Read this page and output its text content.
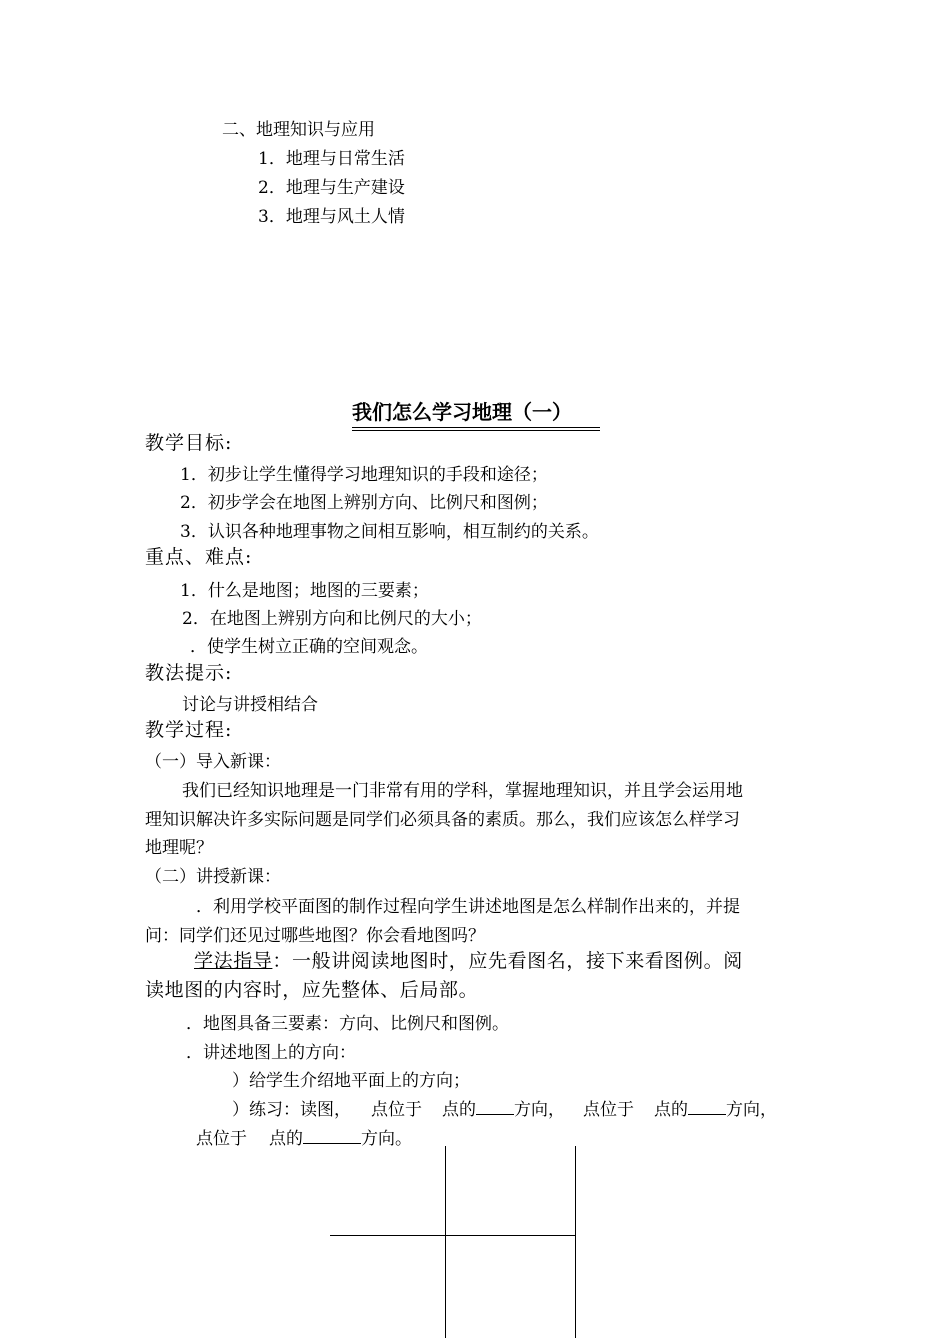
二、地理知识与应用
1．地理与日常生活
2．地理与生产建设
3．地理与风土人情
我们怎么学习地理（一）
教学目标:
1．初步让学生懂得学习地理知识的手段和途径；
2．初步学会在地图上辨别方向、比例尺和图例；
3．认识各种地理事物之间相互影响，相互制约的关系。
重点、难点:
1．什么是地图；地图的三要素；
2．在地图上辨别方向和比例尺的大小；
．使学生树立正确的空间观念。
教法提示:
讨论与讲授相结合
教学过程:
（一）导入新课：
我们已经知识地理是一门非常有用的学科，掌握地理知识，并且学会运用地
理知识解决许多实际问题是同学们必须具备的素质。那么，我们应该怎么样学习
地理呢？
（二）讲授新课：
．利用学校平面图的制作过程向学生讲述地图是怎么样制作出来的，并提
问：同学们还见过哪些地图？你会看地图吗？
学法指导：一般讲阅读地图时，应先看图名，接下来看图例。阅
读地图的内容时，应先整体、后局部。
．地图具备三要素：方向、比例尺和图例。
．讲述地图上的方向：
）给学生介绍地平面上的方向；
）练习：读图， 点位于 点的 方向， 点位于 点的 方向，
点位于 点的	方向。
